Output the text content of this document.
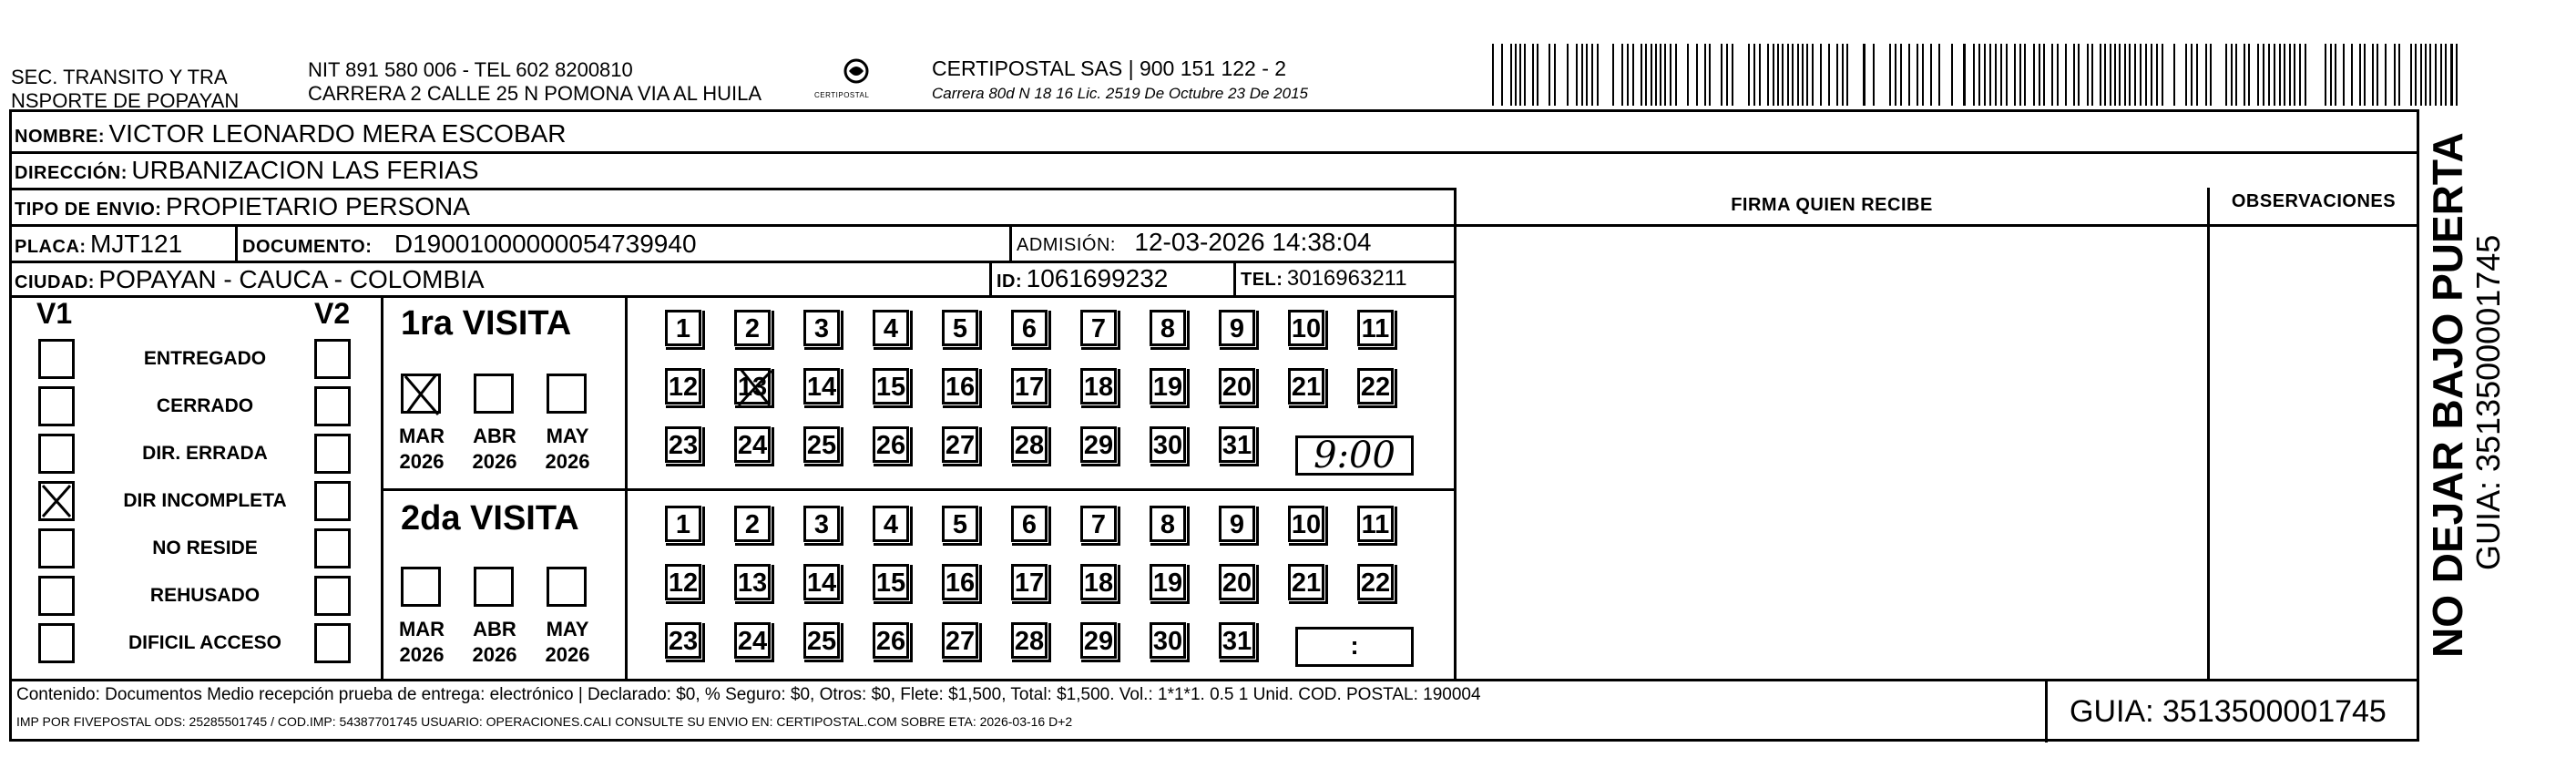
SEC. TRANSITO Y TRA
NSPORTE DE POPAYAN
NIT 891 580 006 - TEL 602 8200810
CARRERA 2 CALLE 25 N POMONA VIA AL HUILA	CERTIPOSTAL
CERTIPOSTAL SAS | 900 151 122 - 2
Carrera 80d N 18 16 Lic. 2519 De Octubre 23 De 2015
NOMBRE: VICTOR LEONARDO MERA ESCOBAR
DIRECCIÓN: URBANIZACION LAS FERIAS
TIPO DE ENVIO: PROPIETARIO PERSONA	FIRMA QUIEN RECIBE	OBSERVACIONES
PLACA: MJT121	DOCUMENTO: D19001000000054739940	ADMISIÓN: 12-03-2026 14:38:04
CIUDAD: POPAYAN - CAUCA - COLOMBIA	ID: 1061699232	TEL: 3016963211
V1	V2
ENTREGADO
CERRADO
DIR. ERRADA
DIR INCOMPLETA
NO RESIDE
REHUSADO
DIFICIL ACCESO
1ra VISITA
2da VISITA
MAR
2026
ABR
2026
MAY
2026
MAR
2026
ABR
2026
MAY
2026
1	2	3	4	5	6	7	8	9	10 11
12 13 14 15 16 17 18 19 20 21 22
23 24 25 26 27 28 29 30 31
1	2	3	4	5	6	7	8	9	10 11
12 13 14 15 16 17 18 19 20 21 22
23 24 25 26 27 28 29 30 31
9:00
:	NO DEJAR BAJO PUERTA
GUIA: 3513500001745
Contenido: Documentos Medio recepción prueba de entrega: electrónico | Declarado: $0, % Seguro: $0, Otros: $0, Flete: $1,500, Total: $1,500. Vol.: 1*1*1. 0.5 1 Unid. COD. POSTAL: 190004
IMP POR FIVEPOSTAL ODS: 25285501745 / COD.IMP: 54387701745 USUARIO: OPERACIONES.CALI CONSULTE SU ENVIO EN: CERTIPOSTAL.COM SOBRE ETA: 2026-03-16 D+2	GUIA: 3513500001745
